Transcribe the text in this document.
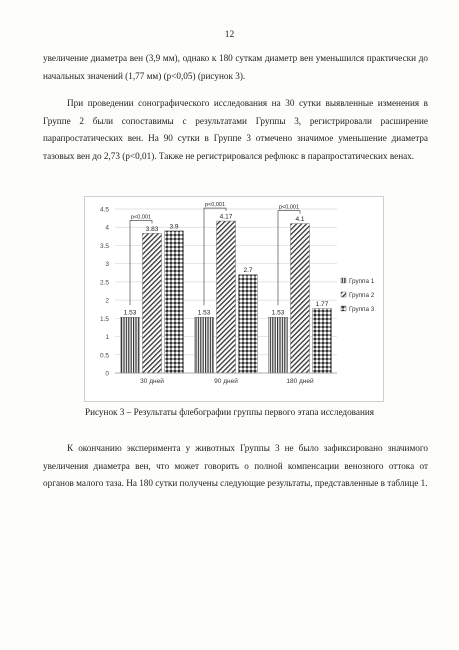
12
увеличение диаметра вен (3,9 мм), однако к 180 суткам диаметр вен уменьшился практически до начальных значений (1,77 мм) (p<0,05) (рисунок 3).
При проведении сонографического исследования на 30 сутки выявленные изменения в Группе 2 были сопоставимы с результатами Группы 3, регистрировали расширение парапростатических вен. На 90 сутки в Группе 3 отмечено значимое уменьшение диаметра тазовых вен до 2,73 (p<0,01). Также не регистрировался рефлюкс в парапростатических венах.
1.53
3.83 3.9
1.53
4.17
2.7
1.53
4.1
1.77
p<0,001
p<0,001	p<0,001
0
0.5
1
1.5
2
2.5
3
3.5
4
4.5
30 дней	90 дней	180 дней
Группа 1
Группа 2
Группа 3
Рисунок 3 – Результаты флебографии группы первого этапа исследования
К окончанию эксперимента у животных Группы 3 не было зафиксировано значимого увеличения диаметра вен, что может говорить о полной компенсации венозного оттока от органов малого таза. На 180 сутки получены следующие результаты, представленные в таблице 1.
